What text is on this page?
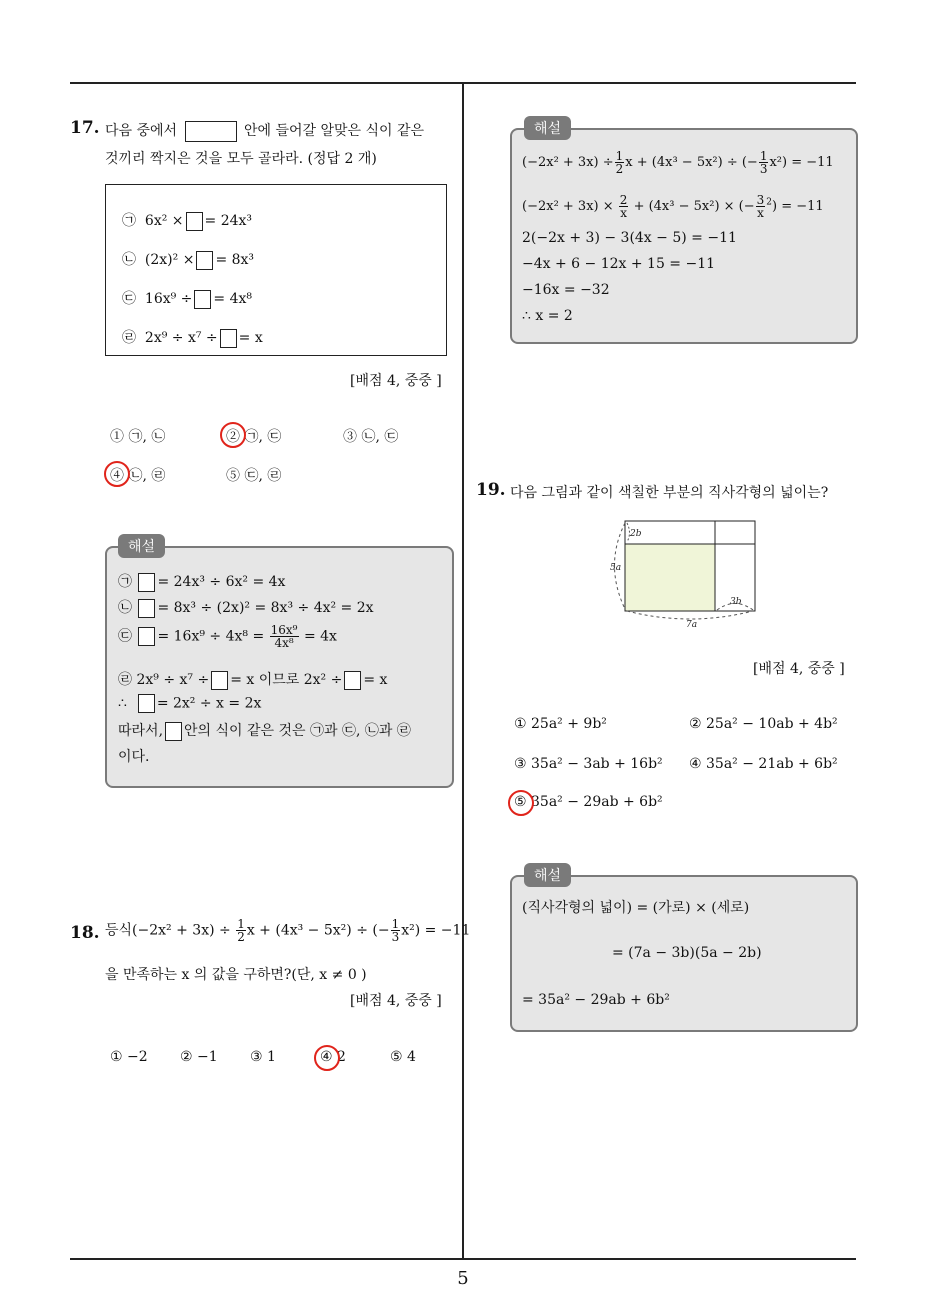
5
17. 다음 중에서	안에 들어갈 알맞은 식이 같은
것끼리 짝지은 것을 모두 골라라. (정답 2 개)
㉠ 6x² × = 24x³
㉡ (2x)² × = 8x³
㉢ 16x⁹ ÷ = 4x⁸
㉣ 2x⁹ ÷ x⁷ ÷ = x
[배점 4, 중중 ]
① ㉠, ㉡	② ㉠, ㉢	③ ㉡, ㉢
④ ㉡, ㉣	⑤ ㉢, ㉣
해설
㉠ = 24x³ ÷ 6x² = 4x
㉡ = 8x³ ÷ (2x)² = 8x³ ÷ 4x² = 2x
㉢ = $16x^9 \div 4x^8 = \frac{\text{16x⁹}}{\text{4x⁸}} = 4x$
㉣ 2x⁹ ÷ x⁷ ÷ = x 이므로 2x² ÷ = x
∴ = 2x² ÷ x = 2x
따라서, 안의 식이 같은 것은 ㉠과 ㉢, ㉡과 ㉣
이다.
18. 등식$(-2x^2 + 3x) \div \frac{1}{2}$ x + (4x³ − 5x²) ÷ (− $\frac{1}{3} x^2) = -11$
을 만족하는 x 의 값을 구하면?(단, x ≠ 0 )
[배점 4, 중중 ]
① −2 ② −1 ③ 1	④ 2	⑤ 4
해설
$(-2x^2 + 3x) \div \frac{1}{2}$ x + (4x³ − 5x²) ÷ (− $\frac{1}{3} x^2) = -11$
$(-2x^2 + 3x) \times \frac{2}{x} + (4x^3 - 5x^2)$ × (− $\frac{3}{x} ^2) = -11$
2(−2x + 3) − 3(4x − 5) = −11
−4x + 6 − 12x + 15 = −11
−16x = −32
∴ x = 2
19. 다음 그림과 같이 색칠한 부분의 직사각형의 넓이는?
2b
5a
3b
7a
[배점 4, 중중 ]
① 25a² + 9b²	② 25a² − 10ab + 4b²
③ 35a² − 3ab + 16b² ④ 35a² − 21ab + 6b²
⑤ 35a² − 29ab + 6b²
해설
(직사각형의 넓이) = (가로) × (세로)
= (7a − 3b)(5a − 2b)
= 35a² − 29ab + 6b²
